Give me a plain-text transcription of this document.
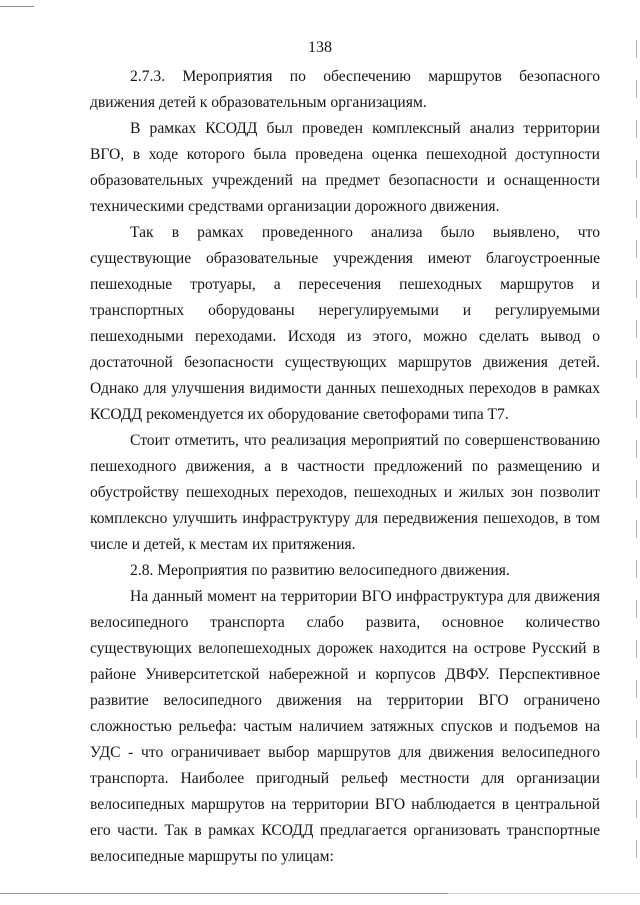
138

2.7.3. Мероприятия по обеспечению маршрутов безопасного движения детей к образовательным организациям.

В рамках КСОДД был проведен комплексный анализ территории ВГО, в ходе которого была проведена оценка пешеходной доступности образовательных учреждений на предмет безопасности и оснащенности техническими средствами организации дорожного движения.

Так в рамках проведенного анализа было выявлено, что существующие образовательные учреждения имеют благоустроенные пешеходные тротуары, а пересечения пешеходных маршрутов и транспортных оборудованы нерегулируемыми и регулируемыми пешеходными переходами. Исходя из этого, можно сделать вывод о достаточной безопасности существующих маршрутов движения детей. Однако для улучшения видимости данных пешеходных переходов в рамках КСОДД рекомендуется их оборудование светофорами типа Т7.

Стоит отметить, что реализация мероприятий по совершенствованию пешеходного движения, а в частности предложений по размещению и обустройству пешеходных переходов, пешеходных и жилых зон позволит комплексно улучшить инфраструктуру для передвижения пешеходов, в том числе и детей, к местам их притяжения.

2.8. Мероприятия по развитию велосипедного движения.

На данный момент на территории ВГО инфраструктура для движения велосипедного транспорта слабо развита, основное количество существующих велопешеходных дорожек находится на острове Русский в районе Университетской набережной и корпусов ДВФУ. Перспективное развитие велосипедного движения на территории ВГО ограничено сложностью рельефа: частым наличием затяжных спусков и подъемов на УДС - что ограничивает выбор маршрутов для движения велосипедного транспорта. Наиболее пригодный рельеф местности для организации велосипедных маршрутов на территории ВГО наблюдается в центральной его части. Так в рамках КСОДД предлагается организовать транспортные велосипедные маршруты по улицам:
